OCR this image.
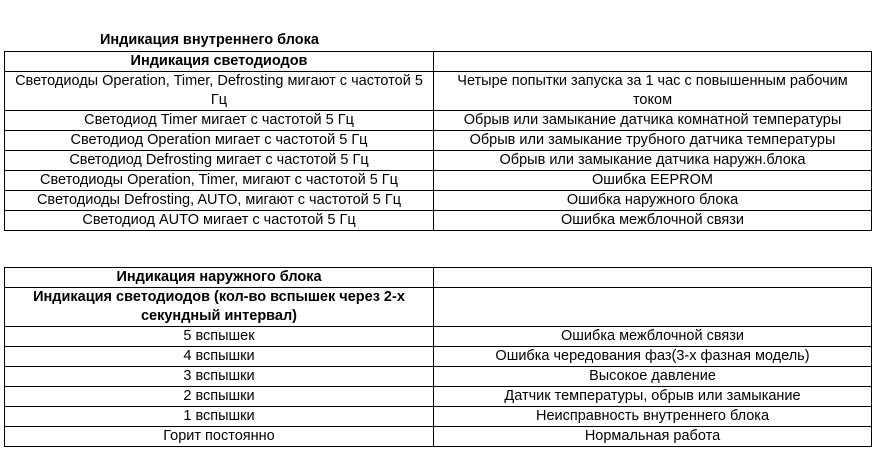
Индикация внутреннего блока
Индикация светодиодов	
Светодиоды Operation, Timer, Defrosting мигают с частотой 5 Гц	Четыре попытки запуска за 1 час с повышенным рабочим током
Светодиод Timer мигает с частотой 5 Гц	Обрыв или замыкание датчика комнатной температуры
Светодиод Operation мигает с частотой 5 Гц	Обрыв или замыкание трубного датчика температуры
Светодиод Defrosting мигает с частотой 5 Гц	Обрыв или замыкание датчика наружн.блока
Светодиоды Operation, Timer, мигают с частотой 5 Гц	Ошибка EEPROM
Светодиоды Defrosting, AUTO, мигают с частотой 5 Гц	Ошибка наружного блока
Светодиод AUTO мигает с частотой 5 Гц	Ошибка межблочной связи
Индикация наружного блока	
Индикация светодиодов (кол-во вспышек через 2-х секундный интервал)	
5 вспышек	Ошибка межблочной связи
4 вспышки	Ошибка чередования фаз(3-х фазная модель)
3 вспышки	Высокое давление
2 вспышки	Датчик температуры, обрыв или замыкание
1 вспышки	Неисправность внутреннего блока
Горит постоянно	Нормальная работа
